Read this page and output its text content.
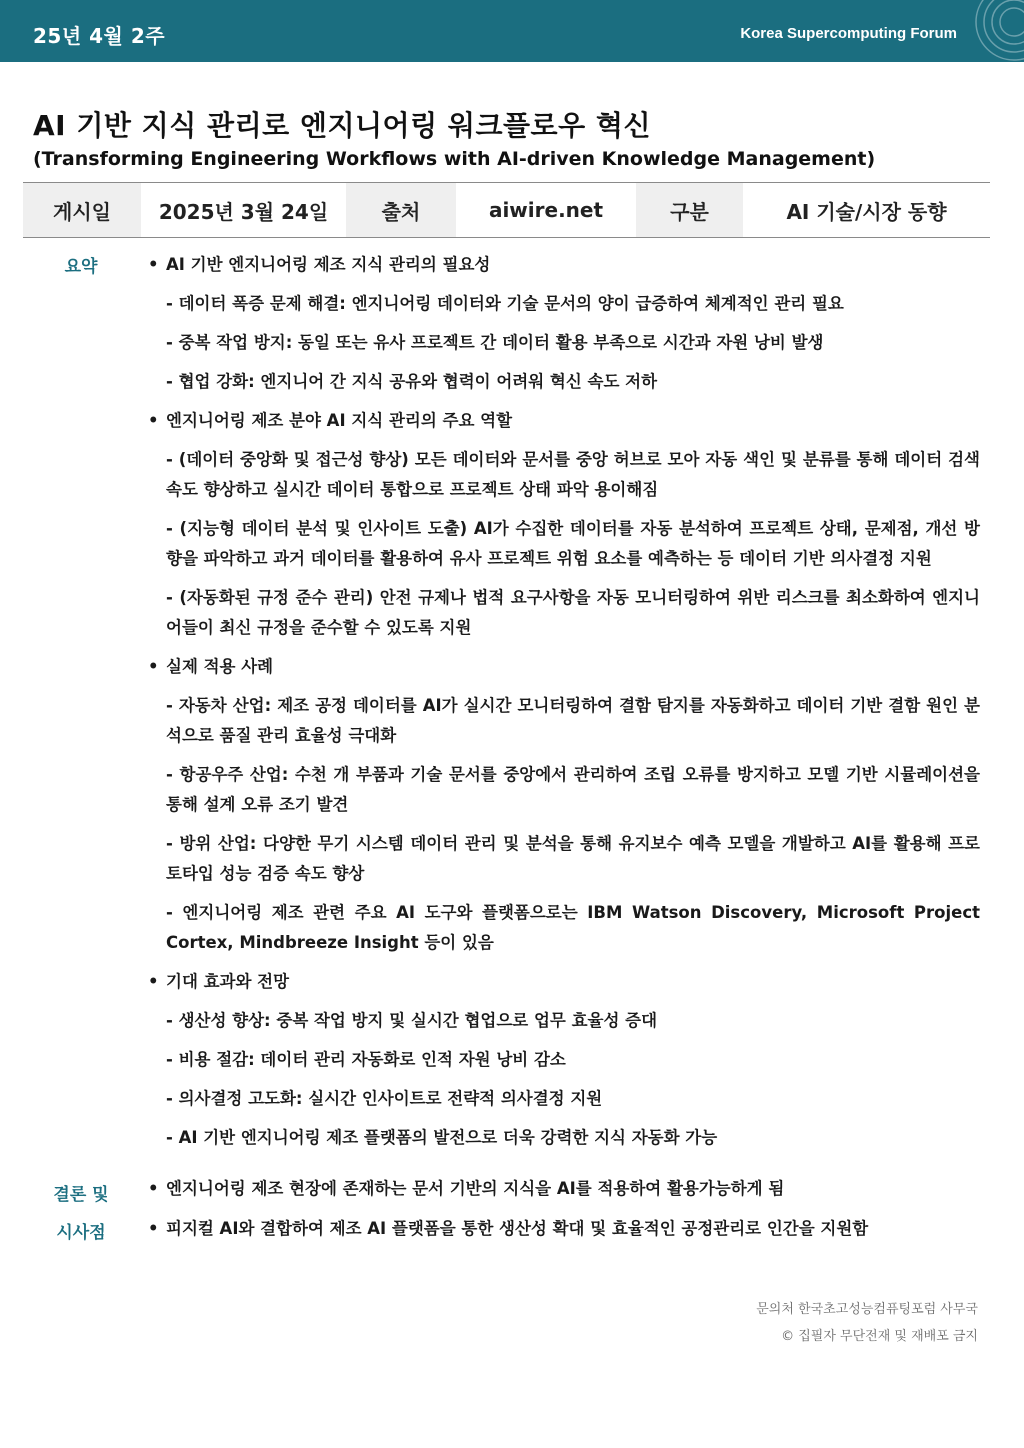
25년 4월 2주	Korea Supercomputing Forum
AI 기반 지식 관리로 엔지니어링 워크플로우 혁신
(Transforming Engineering Workflows with AI-driven Knowledge Management)
게시일	2025년 3월 24일	출처	aiwire.net	구분	AI 기술/시장 동향
요약
•	AI 기반 엔지니어링 제조 지식 관리의 필요성
- 데이터 폭증 문제 해결: 엔지니어링 데이터와 기술 문서의 양이 급증하여 체계적인 관리 필요
- 중복 작업 방지: 동일 또는 유사 프로젝트 간 데이터 활용 부족으로 시간과 자원 낭비 발생
- 협업 강화: 엔지니어 간 지식 공유와 협력이 어려워 혁신 속도 저하
• 엔지니어링 제조 분야 AI 지식 관리의 주요 역할
- (데이터 중앙화 및 접근성 향상) 모든 데이터와 문서를 중앙 허브로 모아 자동 색인 및 분류를 통해 데이터 검색 속도 향상하고 실시간 데이터 통합으로 프로젝트 상태 파악 용이해짐
- (지능형 데이터 분석 및 인사이트 도출) AI가 수집한 데이터를 자동 분석하여 프로젝트 상태, 문제점, 개선 방향을 파악하고 과거 데이터를 활용하여 유사 프로젝트 위험 요소를 예측하는 등 데이터 기반 의사결정 지원
- (자동화된 규정 준수 관리) 안전 규제나 법적 요구사항을 자동 모니터링하여 위반 리스크를 최소화하여 엔지니어들이 최신 규정을 준수할 수 있도록 지원
• 실제 적용 사례
- 자동차 산업: 제조 공정 데이터를 AI가 실시간 모니터링하여 결함 탐지를 자동화하고 데이터 기반 결함 원인 분석으로 품질 관리 효율성 극대화
- 항공우주 산업: 수천 개 부품과 기술 문서를 중앙에서 관리하여 조립 오류를 방지하고 모델 기반 시뮬레이션을 통해 설계 오류 조기 발견
- 방위 산업: 다양한 무기 시스템 데이터 관리 및 분석을 통해 유지보수 예측 모델을 개발하고 AI를 활용해 프로토타입 성능 검증 속도 향상
- 엔지니어링 제조 관련 주요 AI 도구와 플랫폼으로는 IBM Watson Discovery, Microsoft Project Cortex, Mindbreeze Insight 등이 있음
• 기대 효과와 전망
- 생산성 향상: 중복 작업 방지 및 실시간 협업으로 업무 효율성 증대
- 비용 절감: 데이터 관리 자동화로 인적 자원 낭비 감소
- 의사결정 고도화: 실시간 인사이트로 전략적 의사결정 지원
- AI 기반 엔지니어링 제조 플랫폼의 발전으로 더욱 강력한 지식 자동화 가능
결론 및
시사점
• 엔지니어링 제조 현장에 존재하는 문서 기반의 지식을 AI를 적용하여 활용가능하게 됨
• 피지컬 AI와 결합하여 제조 AI 플랫폼을 통한 생산성 확대 및 효율적인 공정관리로 인간을 지원함
문의처 한국초고성능컴퓨팅포럼 사무국
© 집필자 무단전재 및 재배포 금지
